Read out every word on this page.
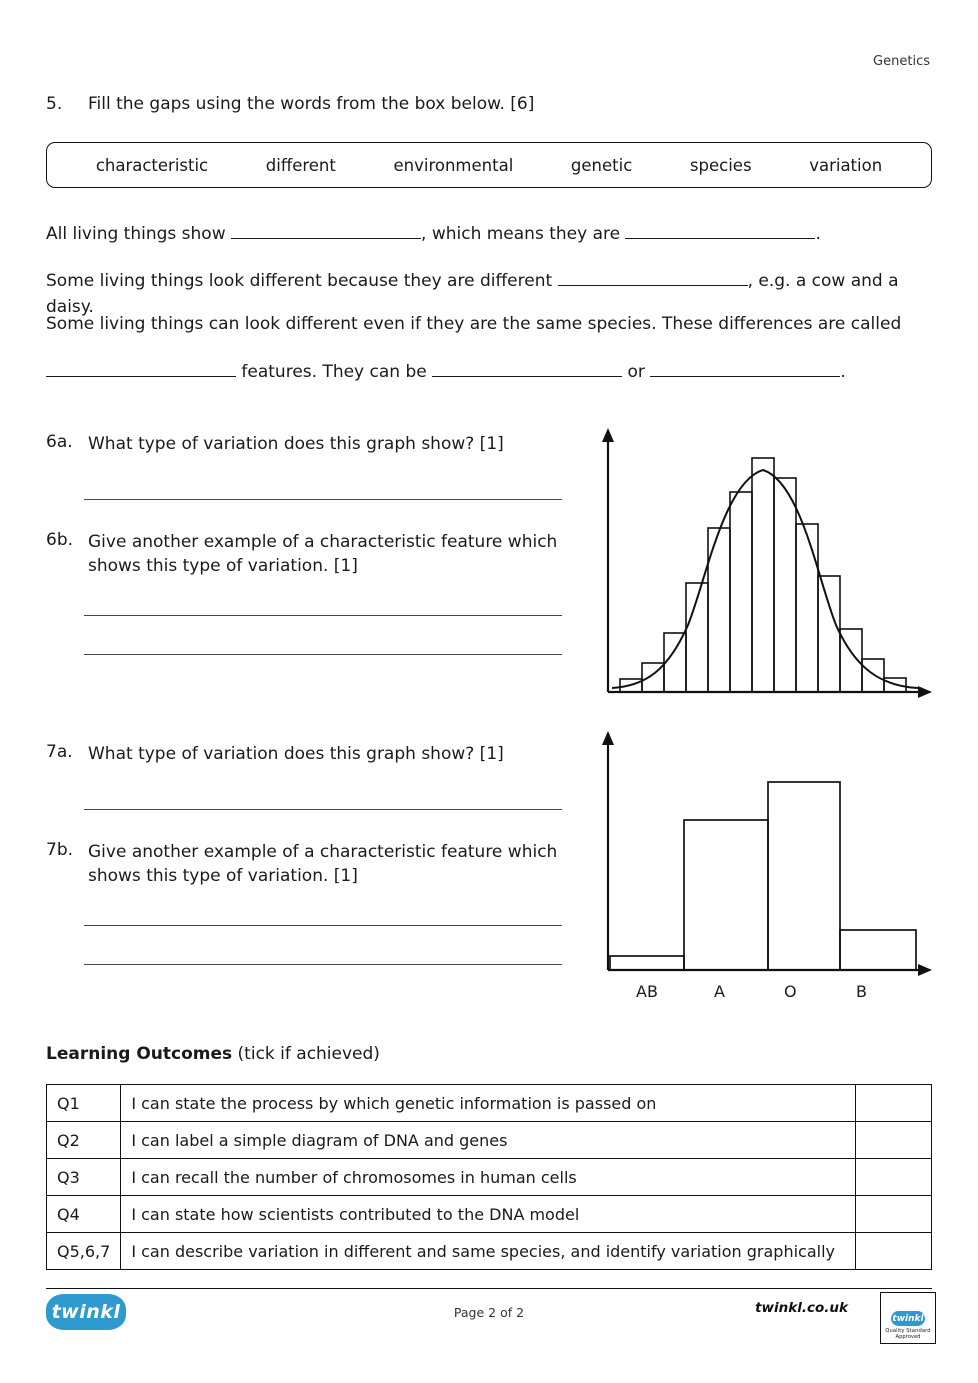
Genetics
5.	Fill the gaps using the words from the box below. [6]
characteristic	different	environmental	genetic	species	variation
All living things show	, which means they are	.
Some living things look different because they are different	, e.g. a cow and a daisy.
Some living things can look different even if they are the same species. These differences are called
features. They can be	or	.
6a. What type of variation does this graph show? [1]
6b. Give another example of a characteristic feature which shows this type of variation. [1]
7a. What type of variation does this graph show? [1]
7b. Give another example of a characteristic feature which shows this type of variation. [1]
AB	A	O	B
Learning Outcomes (tick if achieved)
Q1	I can state the process by which genetic information is passed on	
Q2	I can label a simple diagram of DNA and genes	
Q3	I can recall the number of chromosomes in human cells	
Q4	I can state how scientists contributed to the DNA model	
Q5,6,7	I can describe variation in different and same species, and identify variation graphically	
twinkl	Page 2 of 2	twinkl.co.uk
twinkl
Quality Standard
Approved
